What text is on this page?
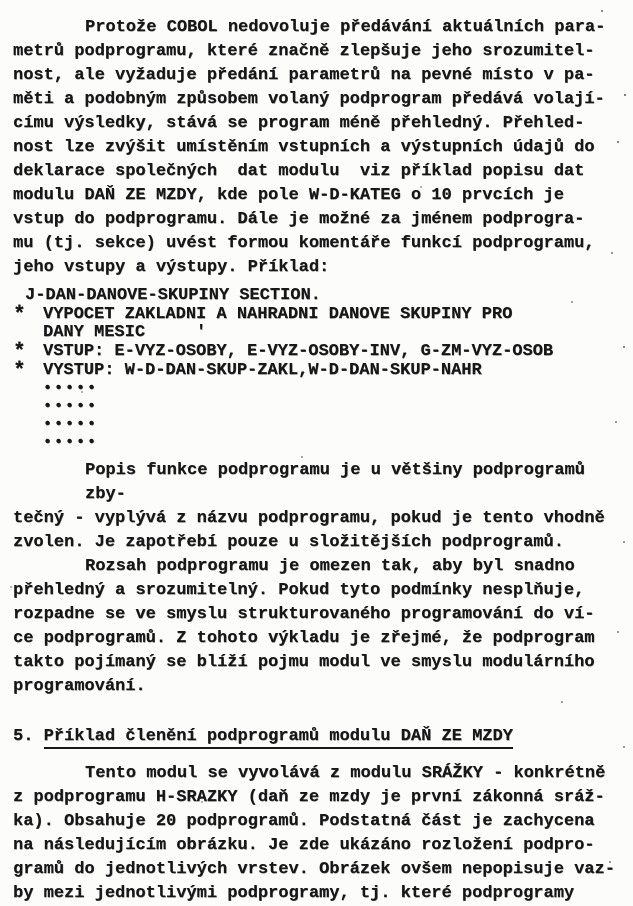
Protože COBOL nedovoluje předávání aktuálních para-
metrů podprogramu, které značně zlepšuje jeho srozumitel-
nost, ale vyžaduje předání parametrů na pevné místo v pa-
měti a podobným způsobem volaný podprogram předává volají-
címu výsledky, stává se program méně přehledný. Přehled-
nost lze zvýšit umístěním vstupních a výstupních údajů do
deklarace společných  dat modulu  viz příklad popisu dat
modulu DAŇ ZE MZDY, kde pole W-D-KATEG o 10 prvcích je
vstup do podprogramu. Dále je možné za jménem podprogra-
mu (tj. sekce) uvést formou komentáře funkcí podprogramu,
jeho vstupy a výstupy. Příklad:
J-DAN-DANOVE-SKUPINY SECTION.
*	VYPOCET ZAKLADNI A NAHRADNI DANOVE SKUPINY PRO
DANY MESIC     '
*	VSTUP: E-VYZ-OSOBY, E-VYZ-OSOBY-INV, G-ZM-VYZ-OSOB
*	VYSTUP: W-D-DAN-SKUP-ZAKL,W-D-DAN-SKUP-NAHR
•••••
•••••
•••••
•••••
Popis funkce podprogramu je u většiny podprogramů zby-
tečný - vyplývá z názvu podprogramu, pokud je tento vhodně
zvolen. Je zapotřebí pouze u složitějších podprogramů.
Rozsah podprogramu je omezen tak, aby byl snadno
přehledný a srozumitelný. Pokud tyto podmínky nesplňuje,
rozpadne se ve smyslu strukturovaného programování do ví-
ce podprogramů. Z tohoto výkladu je zřejmé, že podprogram
takto pojímaný se blíží pojmu modul ve smyslu modulárního
programování.
5. Příklad členění podprogramů modulu DAŇ ZE MZDY
Tento modul se vyvolává z modulu SRÁŽKY - konkrétně
z podprogramu H-SRAZKY (daň ze mzdy je první zákonná sráž-
ka). Obsahuje 20 podprogramů. Podstatná část je zachycena
na následujícím obrázku. Je zde ukázáno rozložení podpro-
gramů do jednotlivých vrstev. Obrázek ovšem nepopisuje vaz-
by mezi jednotlivými podprogramy, tj. které podprogramy
